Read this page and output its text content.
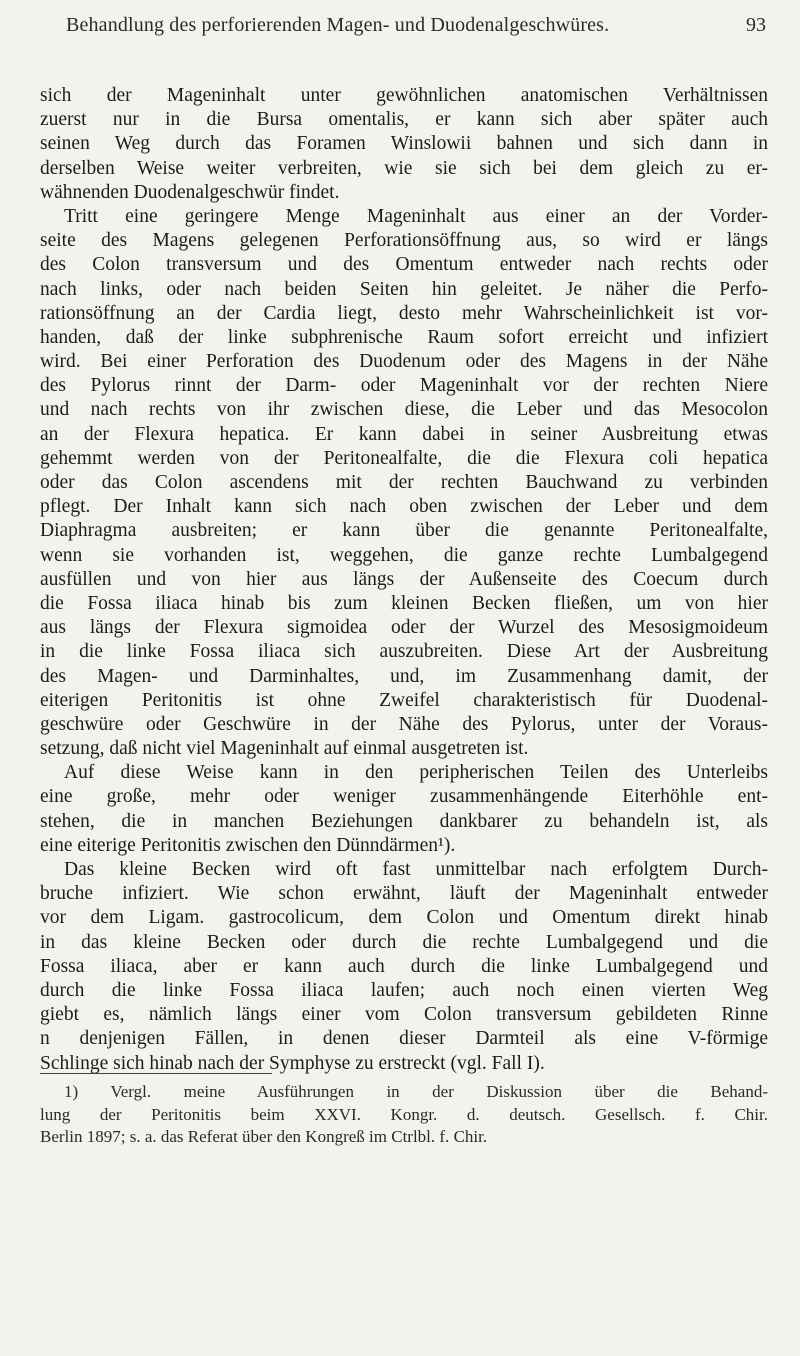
Behandlung des perforierenden Magen- und Duodenalgeschwüres.	93
sich der Mageninhalt unter gewöhnlichen anatomischen Verhältnissen
zuerst nur in die Bursa omentalis, er kann sich aber später auch
seinen Weg durch das Foramen Winslowii bahnen und sich dann in
derselben Weise weiter verbreiten, wie sie sich bei dem gleich zu er-
wähnenden Duodenalgeschwür findet.
Tritt eine geringere Menge Mageninhalt aus einer an der Vorder-
seite des Magens gelegenen Perforationsöffnung aus, so wird er längs
des Colon transversum und des Omentum entweder nach rechts oder
nach links, oder nach beiden Seiten hin geleitet. Je näher die Perfo-
rationsöffnung an der Cardia liegt, desto mehr Wahrscheinlichkeit ist vor-
handen, daß der linke subphrenische Raum sofort erreicht und infiziert
wird. Bei einer Perforation des Duodenum oder des Magens in der Nähe
des Pylorus rinnt der Darm- oder Mageninhalt vor der rechten Niere
und nach rechts von ihr zwischen diese, die Leber und das Mesocolon
an der Flexura hepatica. Er kann dabei in seiner Ausbreitung etwas
gehemmt werden von der Peritonealfalte, die die Flexura coli hepatica
oder das Colon ascendens mit der rechten Bauchwand zu verbinden
pflegt. Der Inhalt kann sich nach oben zwischen der Leber und dem
Diaphragma ausbreiten; er kann über die genannte Peritonealfalte,
wenn sie vorhanden ist, weggehen, die ganze rechte Lumbalgegend
ausfüllen und von hier aus längs der Außenseite des Coecum durch
die Fossa iliaca hinab bis zum kleinen Becken fließen, um von hier
aus längs der Flexura sigmoidea oder der Wurzel des Mesosigmoideum
in die linke Fossa iliaca sich auszubreiten. Diese Art der Ausbreitung
des Magen- und Darminhaltes, und, im Zusammenhang damit, der
eiterigen Peritonitis ist ohne Zweifel charakteristisch für Duodenal-
geschwüre oder Geschwüre in der Nähe des Pylorus, unter der Voraus-
setzung, daß nicht viel Mageninhalt auf einmal ausgetreten ist.
Auf diese Weise kann in den peripherischen Teilen des Unterleibs
eine große, mehr oder weniger zusammenhängende Eiterhöhle ent-
stehen, die in manchen Beziehungen dankbarer zu behandeln ist, als
eine eiterige Peritonitis zwischen den Dünndärmen¹).
Das kleine Becken wird oft fast unmittelbar nach erfolgtem Durch-
bruche infiziert. Wie schon erwähnt, läuft der Mageninhalt entweder
vor dem Ligam. gastrocolicum, dem Colon und Omentum direkt hinab
in das kleine Becken oder durch die rechte Lumbalgegend und die
Fossa iliaca, aber er kann auch durch die linke Lumbalgegend und
durch die linke Fossa iliaca laufen; auch noch einen vierten Weg
giebt es, nämlich längs einer vom Colon transversum gebildeten Rinne
n denjenigen Fällen, in denen dieser Darmteil als eine V-förmige
Schlinge sich hinab nach der Symphyse zu erstreckt (vgl. Fall I).
1) Vergl. meine Ausführungen in der Diskussion über die Behand-
lung der Peritonitis beim XXVI. Kongr. d. deutsch. Gesellsch. f. Chir.
Berlin 1897; s. a. das Referat über den Kongreß im Ctrlbl. f. Chir.
